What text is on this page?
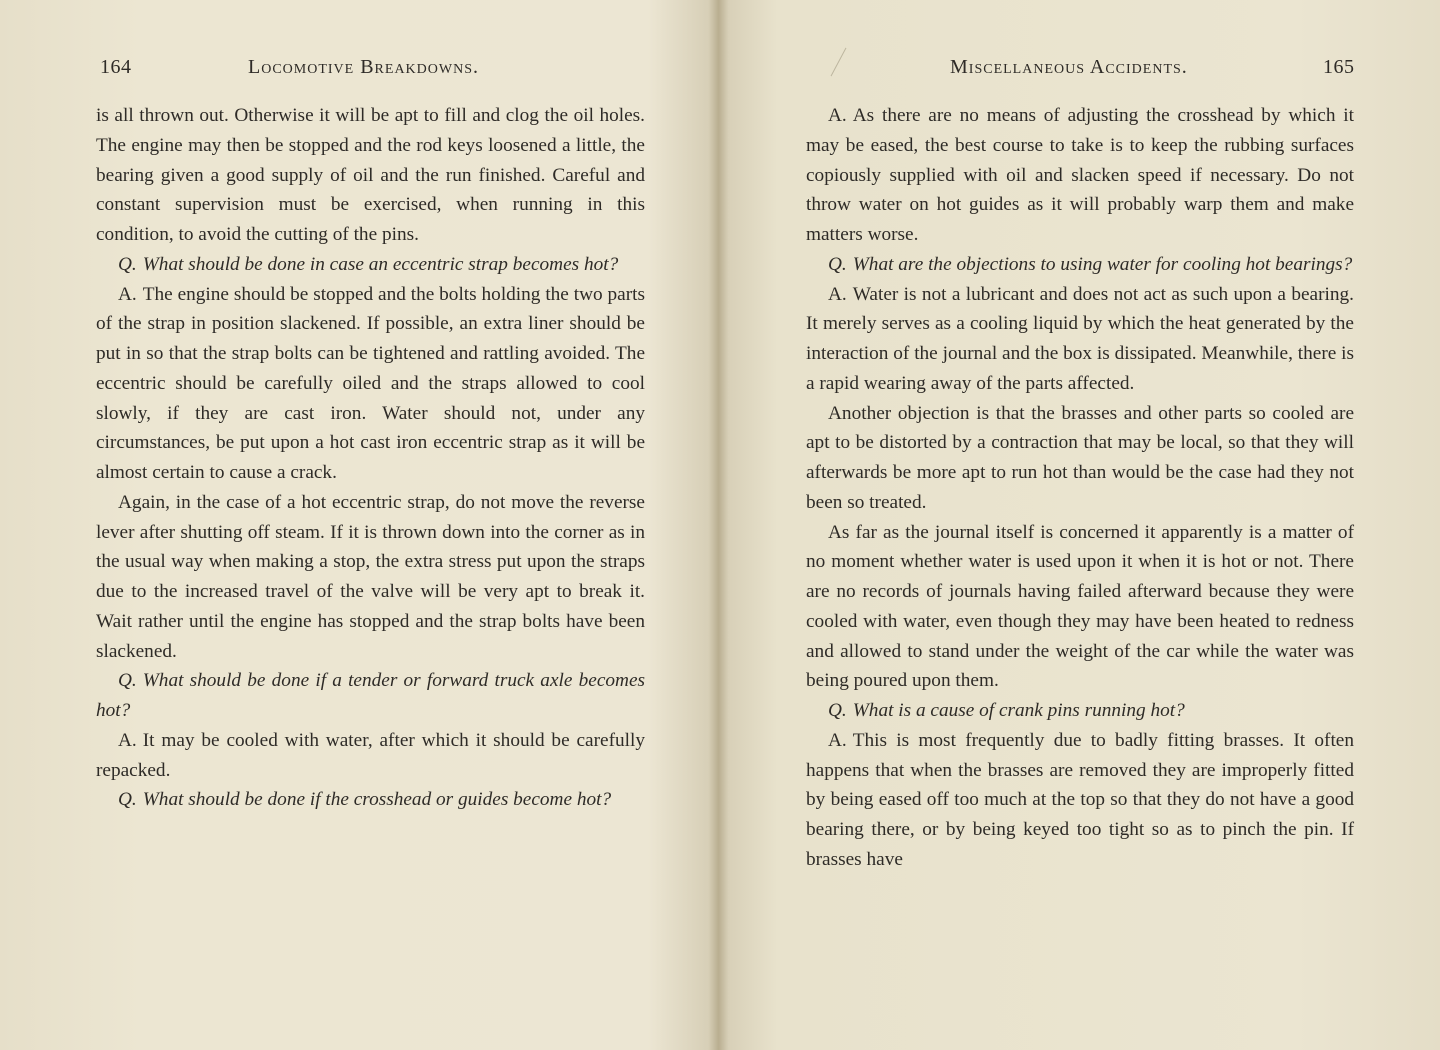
164	Locomotive Breakdowns.

is all thrown out. Otherwise it will be apt to fill and clog the oil holes. The engine may then be stopped and the rod keys loosened a little, the bearing given a good supply of oil and the run finished. Careful and constant supervision must be exercised, when running in this condition, to avoid the cutting of the pins.

Q. What should be done in case an eccentric strap becomes hot?

A. The engine should be stopped and the bolts holding the two parts of the strap in position slackened. If possible, an extra liner should be put in so that the strap bolts can be tightened and rattling avoided. The eccentric should be carefully oiled and the straps allowed to cool slowly, if they are cast iron. Water should not, under any circumstances, be put upon a hot cast iron eccentric strap as it will be almost certain to cause a crack.

Again, in the case of a hot eccentric strap, do not move the reverse lever after shutting off steam. If it is thrown down into the corner as in the usual way when making a stop, the extra stress put upon the straps due to the increased travel of the valve will be very apt to break it. Wait rather until the engine has stopped and the strap bolts have been slackened.

Q. What should be done if a tender or forward truck axle becomes hot?

A. It may be cooled with water, after which it should be carefully repacked.

Q. What should be done if the crosshead or guides become hot?

Miscellaneous Accidents.	165

A. As there are no means of adjusting the crosshead by which it may be eased, the best course to take is to keep the rubbing surfaces copiously supplied with oil and slacken speed if necessary. Do not throw water on hot guides as it will probably warp them and make matters worse.

Q. What are the objections to using water for cooling hot bearings?

A. Water is not a lubricant and does not act as such upon a bearing. It merely serves as a cooling liquid by which the heat generated by the interaction of the journal and the box is dissipated. Meanwhile, there is a rapid wearing away of the parts affected.

Another objection is that the brasses and other parts so cooled are apt to be distorted by a contraction that may be local, so that they will afterwards be more apt to run hot than would be the case had they not been so treated.

As far as the journal itself is concerned it apparently is a matter of no moment whether water is used upon it when it is hot or not. There are no records of journals having failed afterward because they were cooled with water, even though they may have been heated to redness and allowed to stand under the weight of the car while the water was being poured upon them.

Q. What is a cause of crank pins running hot?

A. This is most frequently due to badly fitting brasses. It often happens that when the brasses are removed they are improperly fitted by being eased off too much at the top so that they do not have a good bearing there, or by being keyed too tight so as to pinch the pin. If brasses have
